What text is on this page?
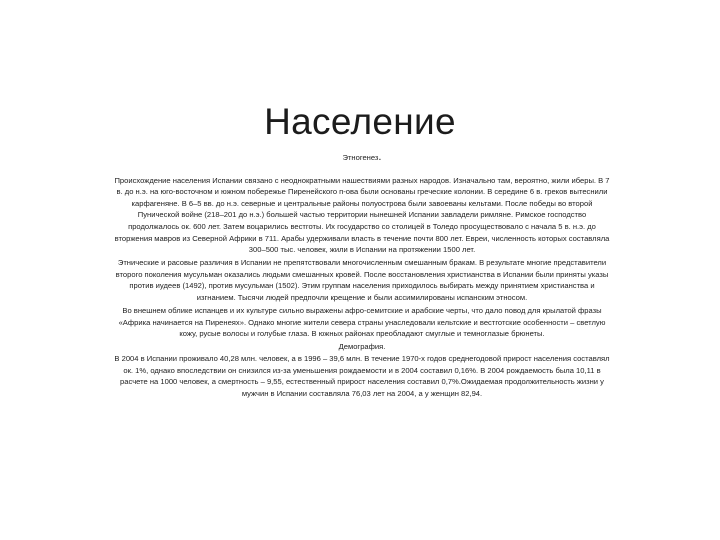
Население

Этногенез.

Происхождение населения Испании связано с неоднократными нашествиями разных народов. Изначально там, вероятно, жили иберы. В 7 в. до н.э. на юго-восточном и южном побережье Пиренейского п-ова были основаны греческие колонии. В середине 6 в. греков вытеснили карфагеняне. В 6–5 вв. до н.э. северные и центральные районы полуострова были завоеваны кельтами. После победы во второй Пунической войне (218–201 до н.э.) большей частью территории нынешней Испании завладели римляне. Римское господство продолжалось ок. 600 лет. Затем воцарились вестготы. Их государство со столицей в Толедо просуществовало с начала 5 в. н.э. до вторжения мавров из Северной Африки в 711. Арабы удерживали власть в течение почти 800 лет. Евреи, численность которых составляла 300–500 тыс. человек, жили в Испании на протяжении 1500 лет.

Этнические и расовые различия в Испании не препятствовали многочисленным смешанным бракам. В результате многие представители второго поколения мусульман оказались людьми смешанных кровей. После восстановления христианства в Испании были приняты указы против иудеев (1492), против мусульман (1502). Этим группам населения приходилось выбирать между принятием христианства и изгнанием. Тысячи людей предпочли крещение и были ассимилированы испанским этносом.

Во внешнем облике испанцев и их культуре сильно выражены афро-семитские и арабские черты, что дало повод для крылатой фразы «Африка начинается на Пиренеях». Однако многие жители севера страны унаследовали кельтские и вестготские особенности – светлую кожу, русые волосы и голубые глаза. В южных районах преобладают смуглые и темноглазые брюнеты.

Демография.

В 2004 в Испании проживало 40,28 млн. человек, а в 1996 – 39,6 млн. В течение 1970-х годов среднегодовой прирост населения составлял ок. 1%, однако впоследствии он снизился из-за уменьшения рождаемости и в 2004 составил 0,16%. В 2004 рождаемость была 10,11 в расчете на 1000 человек, а смертность – 9,55, естественный прирост населения составил 0,7%.Ожидаемая продолжительность жизни у мужчин в Испании составляла 76,03 лет на 2004, а у женщин 82,94.
